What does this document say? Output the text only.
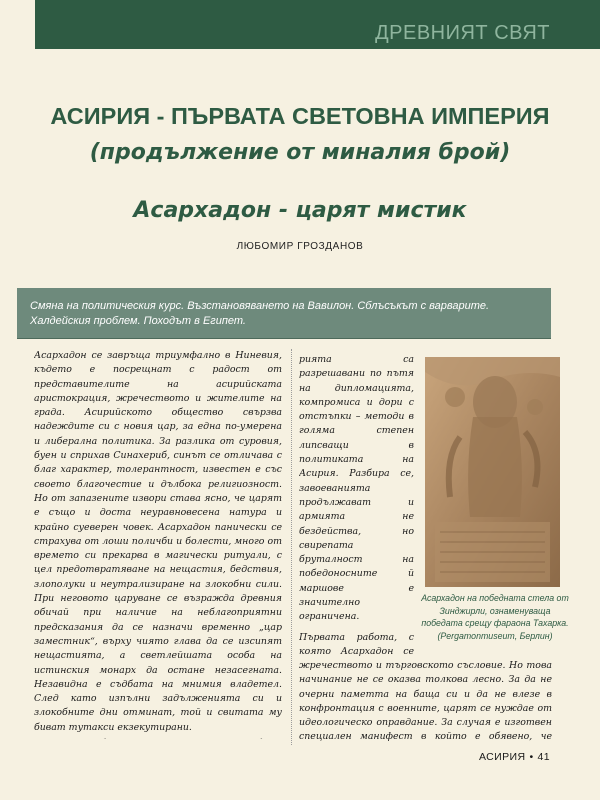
ДРЕВНИЯТ СВЯТ
АСИРИЯ - ПЪРВАТА СВЕТОВНА ИМПЕРИЯ
(продължение от миналия брой)
Асархадон - царят мистик
ЛЮБОМИР ГРОЗДАНОВ

Смяна на политическия курс. Възстановяването на Вавилон. Сблъсъкът с варварите. Халдейския проблем. Походът в Египет.

Асархадон се завръща триумфално в Ниневия, където е посрещнат с радост от представителите на асирийската аристокрация, жречеството и жителите на града. Асирийското общество свързва надеждите си с новия цар, за една по-умерена и либерална политика. За разлика от суровия, буен и сприхав Синахериб, синът се отличава с благ характер, толерантност, известен е със своето благочестие и дълбока религиозност. Но от запазените извори става ясно, че царят е също и доста неуравновесена натура и крайно суеверен човек. Асархадон панически се страхува от лоши поличби и болести, много от времето си прекарва в магически ритуали, с цел предотвратяване на нещастия, бедствия, злополуки и неутрализиране на злокобни сили. При неговото царуване се възражда древния обичай при наличие на неблагоприятни предсказания да се назначи временно „цар заместник“, върху чиято глава да се изсипят нещастията, а светлейшата особа на истинския монарх да остане незасегната. Незавидна е съдбата на мнимия владетел. След като изпълни задълженията си и злокобните дни отминат, той и свитата му биват тутакси екзекутирани.

рията са разрешавани по пътя на дипломацията, компромиса и дори с отстъпки – методи в голяма степен липсващи в политиката на Асирия. Разбира се, завоеванията продължават и армията не бездейства, но свирепата бруталност на победоносните й маршове е значително ограничена.

Първата работа, с която Асархадон се

Асархадон на победната стела от Зинджирли, ознаменуваща победата срещу фараона Тахарка. (Pergamonmuseum, Берлин)

жречеството и търговското съсловие. Но това начинание не се оказва толкова лесно. За да не очерни паметта на баща си и да не влезе в конфронтация с военните, царят се нуждае от идеологическо оправдание. За случая е изготвен специален манифест в който е обявено, че

АСИРИЯ • 41
